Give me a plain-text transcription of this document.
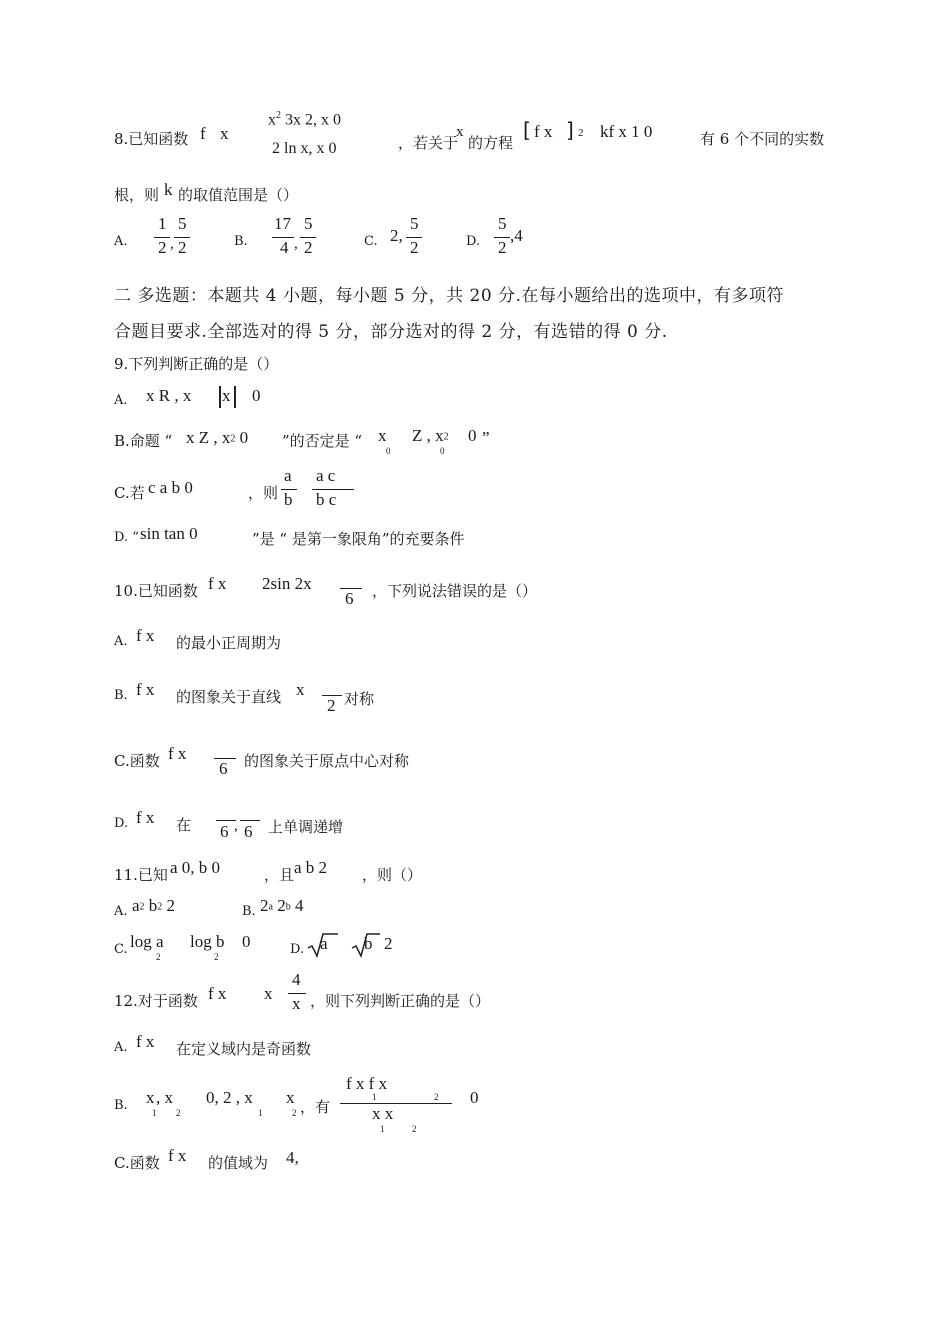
8.已知函数 f x
$x^2$ 3x 2, x 0
2 ln x, x 0	，若关于
x
的方程
[ f x ] 2 kf x 1 0	有 6 个不同的实数
根，则 k 的取值范围是（）
A.
1
2 ,
5
2	B.
17
4 ,
5
2	C. 2,
5
2	D.
5
2
,4
二 多选题：本题共 4 小题，每小题 5 分，共 20 分.在每小题给出的选项中，有多项符
合题目要求.全部选对的得 5 分，部分选对的得 2 分，有选错的得 0 分.
9.下列判断正确的是（）
A. x R , x x 0
B.命题 “ x Z , x2 0 ”的否定是 “ x
0
Z , x2
0
0 ”
C.若 c a b 0	，则
a
b
a c
b c
D. “ sin tan 0	”是 “ 是第一象限角”的充要条件
10.已知函数 f x 2sin 2x
6 ，下列说法错误的是（）
A. f x 的最小正周期为
B. f x 的图象关于直线 x
2 对称
C.函数 f x
6 的图象关于原点中心对称
D. f x 在 6 , 6 上单调递增
11.已知 a 0, b 0	，且 a b 2 ，则（）
A. a2 b2 2	B. 2a 2b 4
C. log a
2
log b
2
0	D. a b 2
12.对于函数 f x x
4
x ，则下列判断正确的是（）
A. f x 在定义域内是奇函数
B. x
1
, x
2
0, 2 , x
1
x
2 ，有
f x f x
1	2
x x
1	2
0
C.函数 f x 的值域为 4,
